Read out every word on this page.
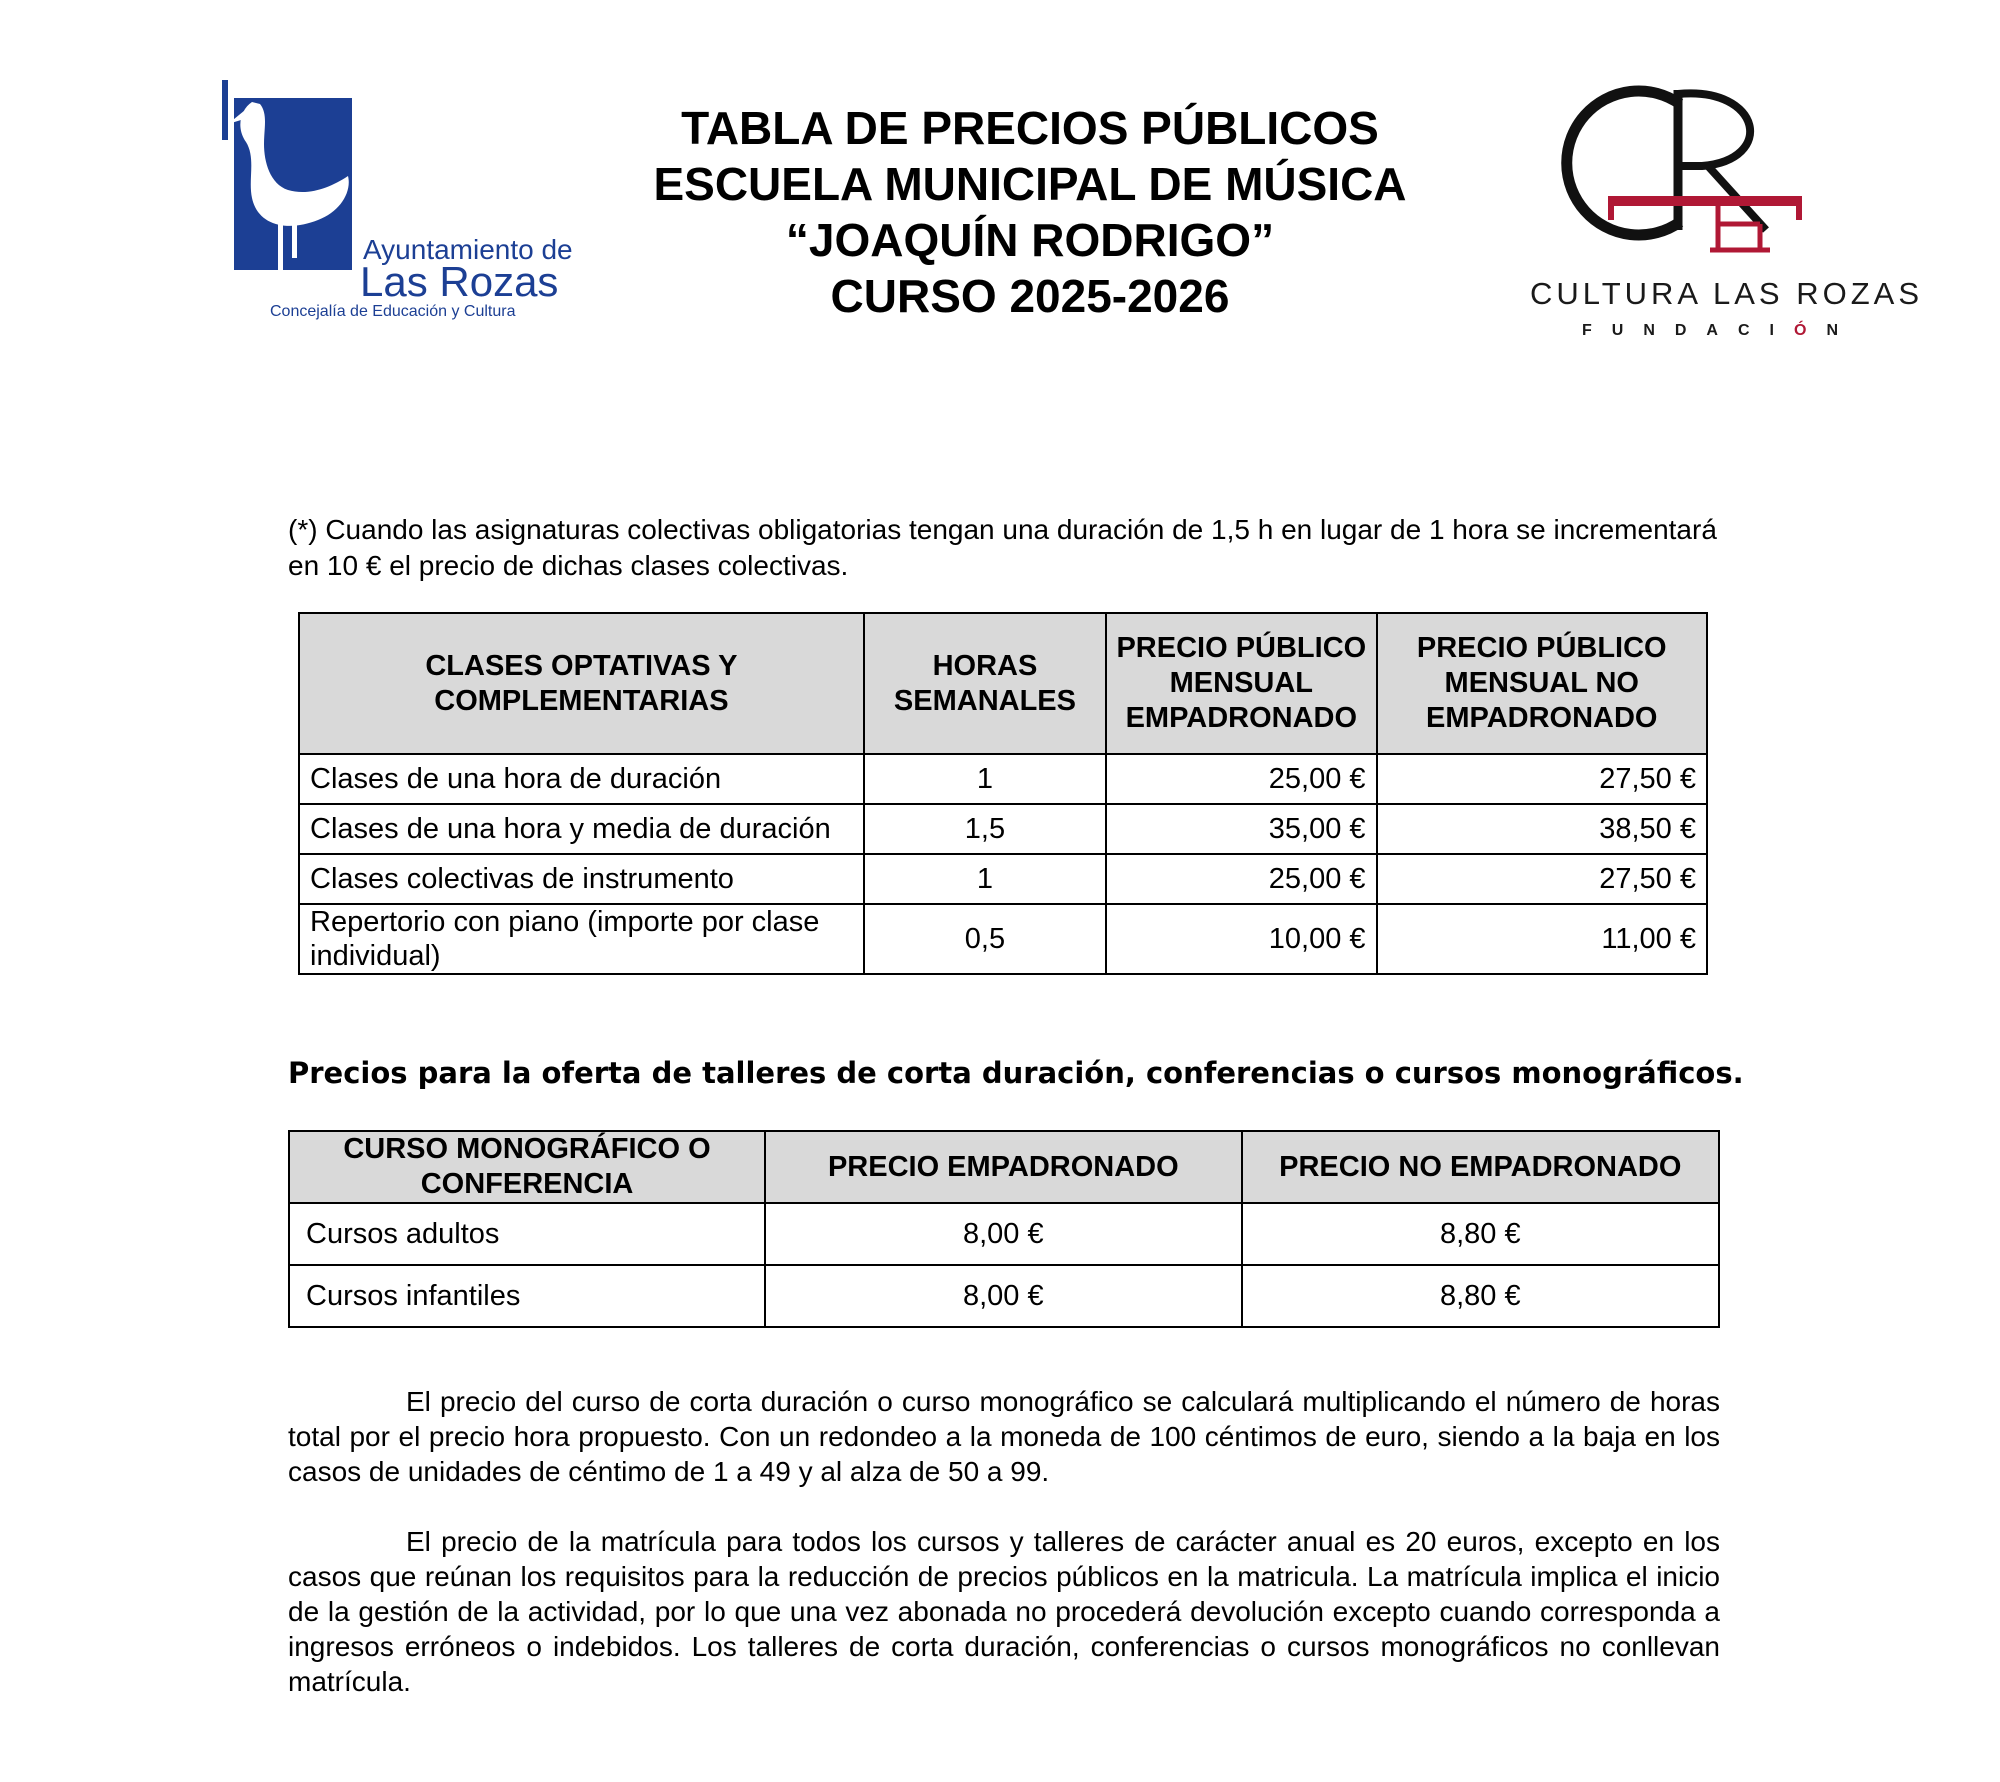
Ayuntamiento de
Las Rozas
Concejalía de Educación y Cultura
TABLA DE PRECIOS PÚBLICOS
ESCUELA MUNICIPAL DE MÚSICA
“JOAQUÍN RODRIGO”
CURSO 2025-2026	CULTURA LAS ROZAS
FUNDACIÓN
(*) Cuando las asignaturas colectivas obligatorias tengan una duración de 1,5 h en lugar de 1 hora se incrementará en 10 € el precio de dichas clases colectivas.
CLASES OPTATIVAS Y COMPLEMENTARIAS	HORAS SEMANALES	PRECIO PÚBLICO MENSUAL EMPADRONADO	PRECIO PÚBLICO MENSUAL NO EMPADRONADO
Clases de una hora de duración	1	25,00 €	27,50 €
Clases de una hora y media de duración	1,5	35,00 €	38,50 €
Clases colectivas de instrumento	1	25,00 €	27,50 €
Repertorio con piano (importe por clase individual)	0,5	10,00 €	11,00 €
Precios para la oferta de talleres de corta duración, conferencias o cursos monográficos.
CURSO MONOGRÁFICO O CONFERENCIA	PRECIO EMPADRONADO	PRECIO NO EMPADRONADO
Cursos adultos	8,00 €	8,80 €
Cursos infantiles	8,00 €	8,80 €
El precio del curso de corta duración o curso monográfico se calculará multiplicando el número de horas total por el precio hora propuesto. Con un redondeo a la moneda de 100 céntimos de euro, siendo a la baja en los casos de unidades de céntimo de 1 a 49 y al alza de 50 a 99.
El precio de la matrícula para todos los cursos y talleres de carácter anual es 20 euros, excepto en los casos que reúnan los requisitos para la reducción de precios públicos en la matricula. La matrícula implica el inicio de la gestión de la actividad, por lo que una vez abonada no procederá devolución excepto cuando corresponda a ingresos erróneos o indebidos. Los talleres de corta duración, conferencias o cursos monográficos no conllevan matrícula.
